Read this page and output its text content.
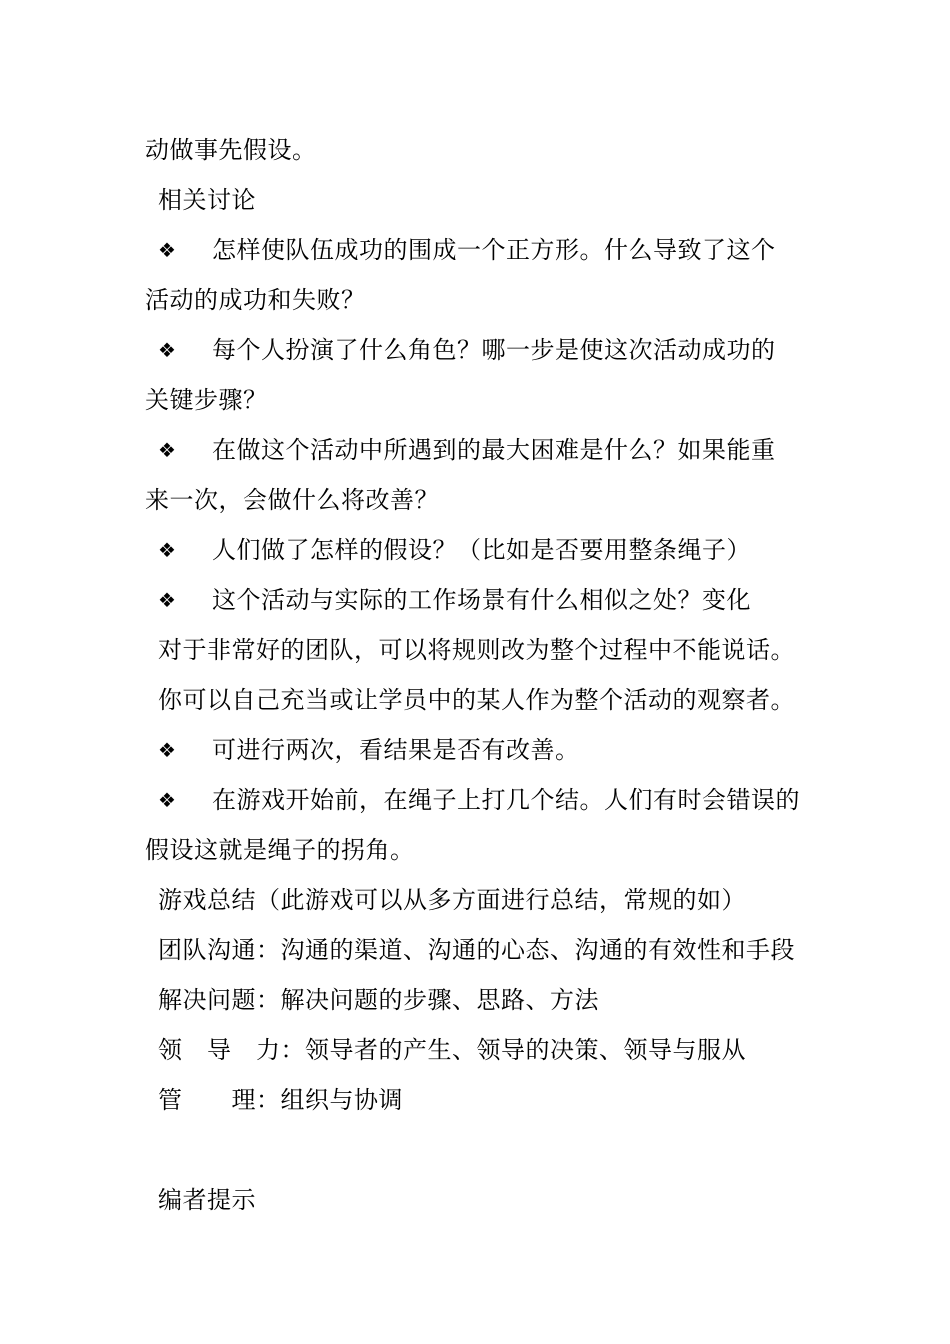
动做事先假设。
相关讨论
❖ 怎样使队伍成功的围成一个正方形。什么导致了这个
活动的成功和失败？
❖ 每个人扮演了什么角色？哪一步是使这次活动成功的
关键步骤？
❖ 在做这个活动中所遇到的最大困难是什么？如果能重
来一次，会做什么将改善？
❖ 人们做了怎样的假设？（比如是否要用整条绳子）
❖ 这个活动与实际的工作场景有什么相似之处？变化
对于非常好的团队，可以将规则改为整个过程中不能说话。
你可以自己充当或让学员中的某人作为整个活动的观察者。
❖ 可进行两次，看结果是否有改善。
❖ 在游戏开始前，在绳子上打几个结。人们有时会错误的
假设这就是绳子的拐角。
游戏总结（此游戏可以从多方面进行总结，常规的如）
团队沟通：沟通的渠道、沟通的心态、沟通的有效性和手段
解决问题：解决问题的步骤、思路、方法
领　导　力：领导者的产生、领导的决策、领导与服从
管　　理：组织与协调
编者提示
